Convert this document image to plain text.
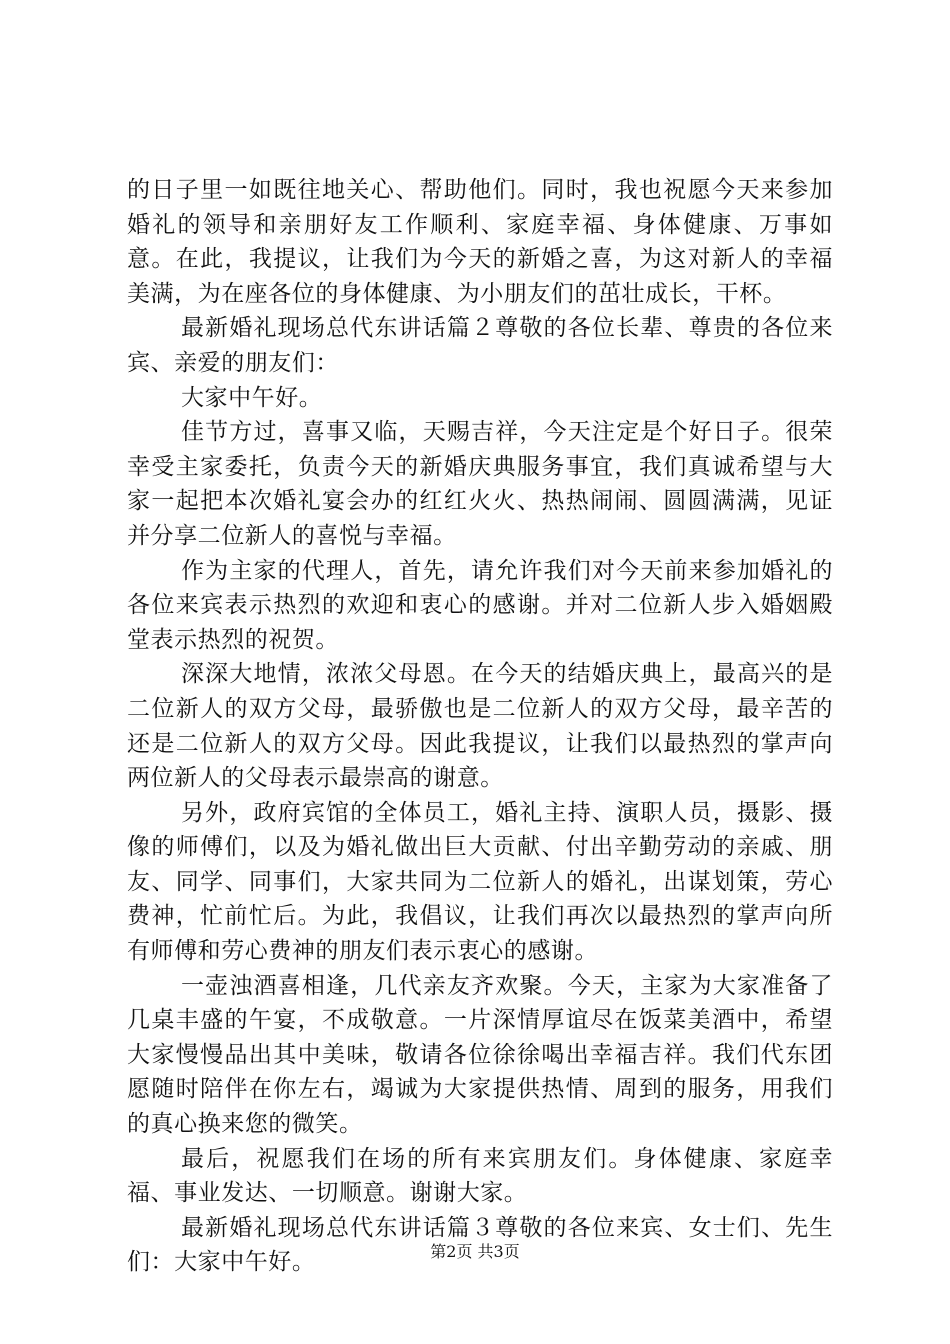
的日子里一如既往地关心、帮助他们。同时，我也祝愿今天来参加婚礼的领导和亲朋好友工作顺利、家庭幸福、身体健康、万事如意。在此，我提议，让我们为今天的新婚之喜，为这对新人的幸福美满，为在座各位的身体健康、为小朋友们的茁壮成长，干杯。

最新婚礼现场总代东讲话篇２尊敬的各位长辈、尊贵的各位来宾、亲爱的朋友们：

大家中午好。

佳节方过，喜事又临，天赐吉祥，今天注定是个好日子。很荣幸受主家委托，负责今天的新婚庆典服务事宜，我们真诚希望与大家一起把本次婚礼宴会办的红红火火、热热闹闹、圆圆满满，见证并分享二位新人的喜悦与幸福。

作为主家的代理人，首先，请允许我们对今天前来参加婚礼的各位来宾表示热烈的欢迎和衷心的感谢。并对二位新人步入婚姻殿堂表示热烈的祝贺。

深深大地情，浓浓父母恩。在今天的结婚庆典上，最高兴的是二位新人的双方父母，最骄傲也是二位新人的双方父母，最辛苦的还是二位新人的双方父母。因此我提议，让我们以最热烈的掌声向两位新人的父母表示最崇高的谢意。

另外，政府宾馆的全体员工，婚礼主持、演职人员，摄影、摄像的师傅们，以及为婚礼做出巨大贡献、付出辛勤劳动的亲戚、朋友、同学、同事们，大家共同为二位新人的婚礼，出谋划策，劳心费神，忙前忙后。为此，我倡议，让我们再次以最热烈的掌声向所有师傅和劳心费神的朋友们表示衷心的感谢。

一壶浊酒喜相逢，几代亲友齐欢聚。今天，主家为大家准备了几桌丰盛的午宴，不成敬意。一片深情厚谊尽在饭菜美酒中，希望大家慢慢品出其中美味，敬请各位徐徐喝出幸福吉祥。我们代东团愿随时陪伴在你左右，竭诚为大家提供热情、周到的服务，用我们的真心换来您的微笑。

最后，祝愿我们在场的所有来宾朋友们。身体健康、家庭幸福、事业发达、一切顺意。谢谢大家。

最新婚礼现场总代东讲话篇３尊敬的各位来宾、女士们、先生们：大家中午好。	第2页 共3页
